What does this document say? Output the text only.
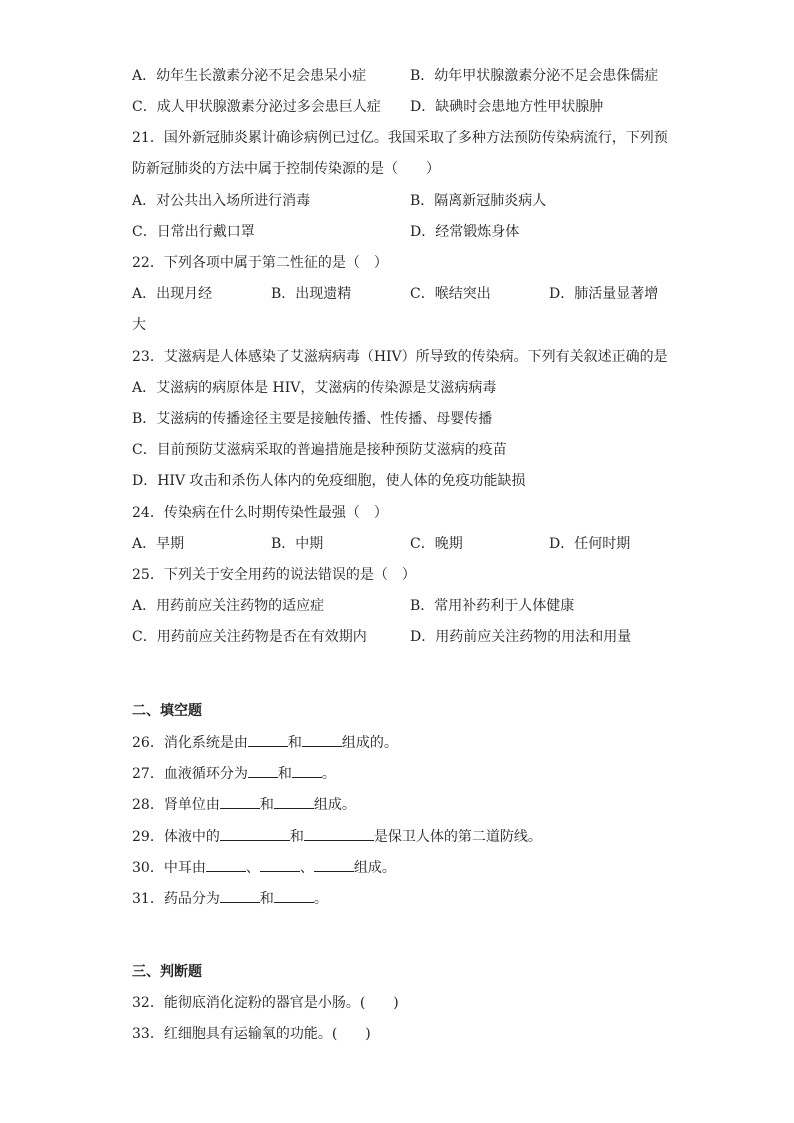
A．幼年生长激素分泌不足会患呆小症	B．幼年甲状腺激素分泌不足会患侏儒症
C．成人甲状腺激素分泌过多会患巨人症 D．缺碘时会患地方性甲状腺肿
21．国外新冠肺炎累计确诊病例已过亿。我国采取了多种方法预防传染病流行，下列预
防新冠肺炎的方法中属于控制传染源的是（　　）
A．对公共出入场所进行消毒	B．隔离新冠肺炎病人
C．日常出行戴口罩	D．经常锻炼身体
22．下列各项中属于第二性征的是（　）
A．出现月经	B．出现遗精	C．喉结突出	D．肺活量显著增
大
23．艾滋病是人体感染了艾滋病病毒（HIV）所导致的传染病。下列有关叙述正确的是
A．艾滋病的病原体是 HIV，艾滋病的传染源是艾滋病病毒
B．艾滋病的传播途径主要是接触传播、性传播、母婴传播
C．目前预防艾滋病采取的普遍措施是接种预防艾滋病的疫苗
D．HIV 攻击和杀伤人体内的免疫细胞，使人体的免疫功能缺损
24．传染病在什么时期传染性最强（　）
A．早期	B．中期	C．晚期	D．任何时期
25．下列关于安全用药的说法错误的是（　）
A．用药前应关注药物的适应症	B．常用补药利于人体健康
C．用药前应关注药物是否在有效期内	D．用药前应关注药物的用法和用量
二、填空题
26．消化系统是由	和	组成的。
27．血液循环分为 和 。
28．肾单位由	和	组成。
29．体液中的	和	是保卫人体的第二道防线。
30．中耳由	、	、	组成。
31．药品分为	和	。
三、判断题
32．能彻底消化淀粉的器官是小肠。(　　)
33．红细胞具有运输氧的功能。(　　)
